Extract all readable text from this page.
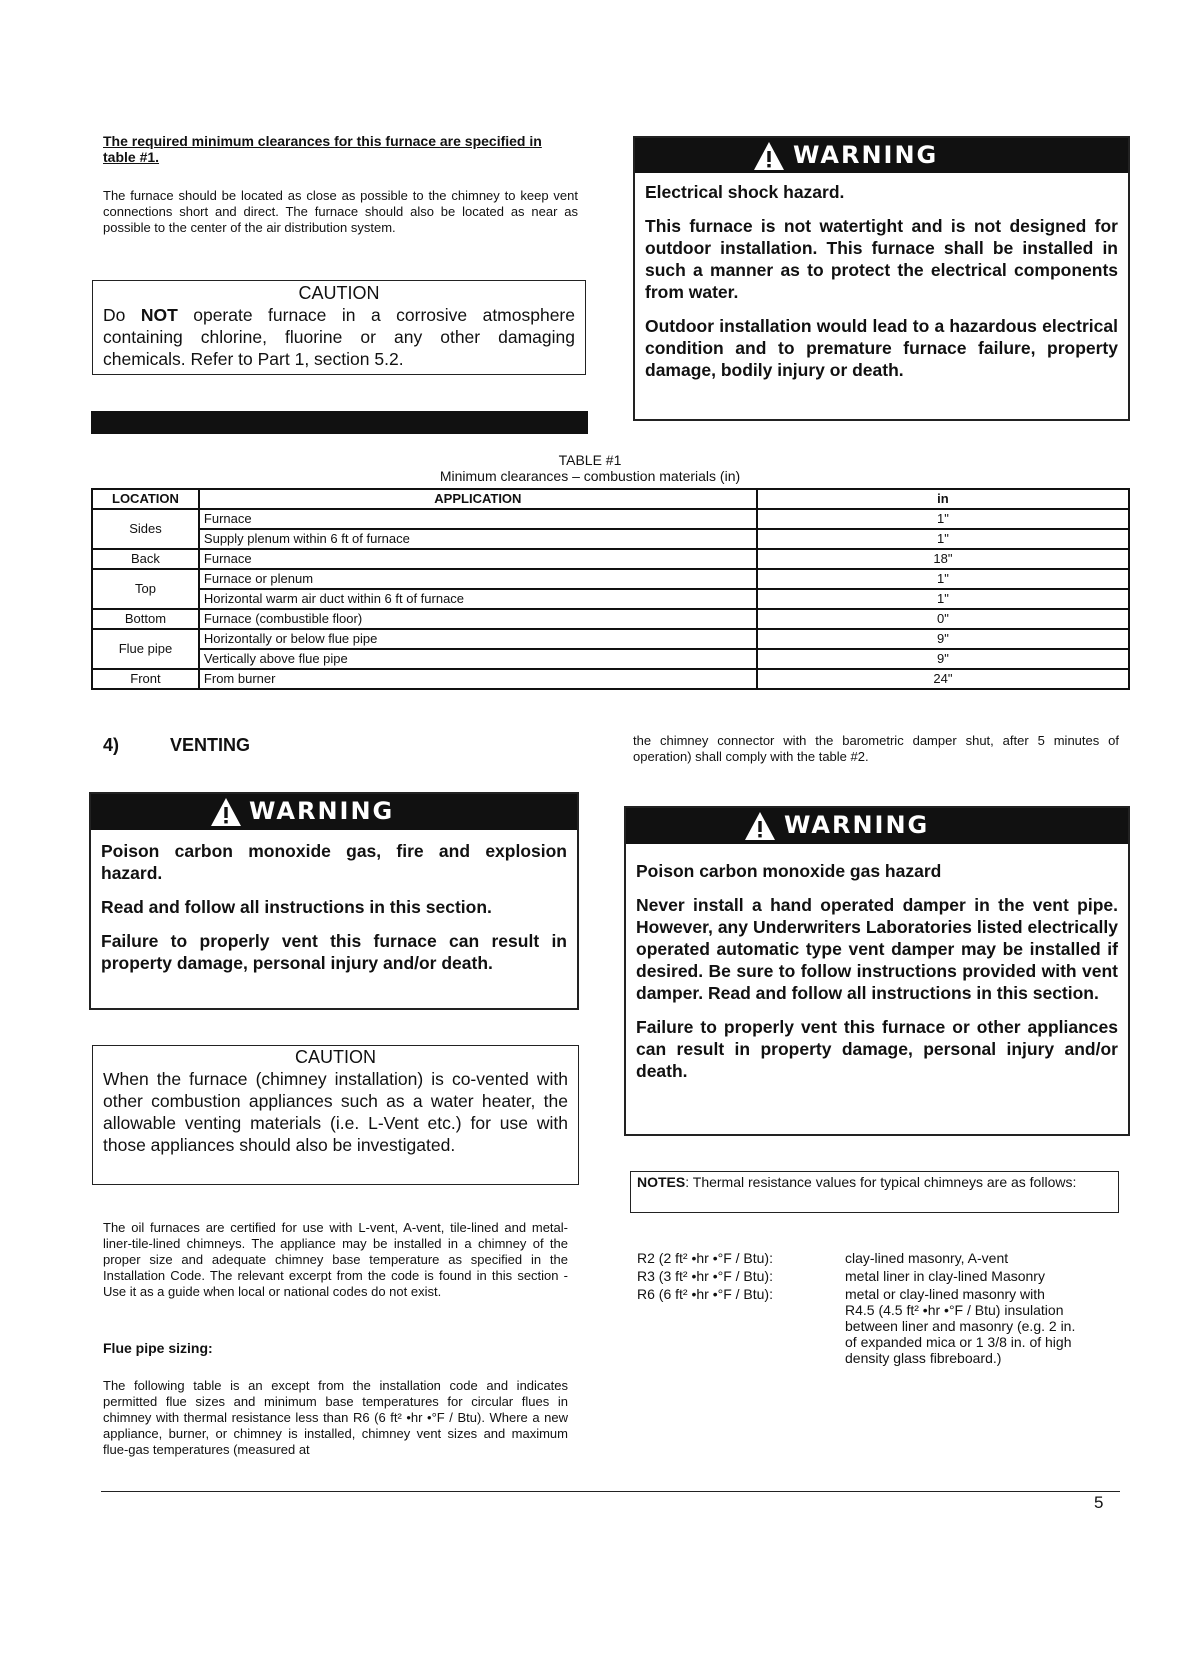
The required minimum clearances for this furnace are specified in table #1.
The furnace should be located as close as possible to the chimney to keep vent connections short and direct. The furnace should also be located as near as possible to the center of the air distribution system.
CAUTION
Do NOT operate furnace in a corrosive atmosphere containing chlorine, fluorine or any other damaging chemicals. Refer to Part 1, section 5.2.
WARNING

Electrical shock hazard.

This furnace is not watertight and is not designed for outdoor installation. This furnace shall be installed in such a manner as to protect the electrical components from water.

Outdoor installation would lead to a hazardous electrical condition and to premature furnace failure, property damage, bodily injury or death.

TABLE #1
Minimum clearances – combustion materials (in)
LOCATION	APPLICATION	in
Sides	Furnace	1"
	Supply plenum within 6 ft of furnace	1"
Back	Furnace	18"
Top	Furnace or plenum	1"
	Horizontal warm air duct within 6 ft of furnace	1"
Bottom	Furnace (combustible floor)	0"
Flue pipe	Horizontally or below flue pipe	9"
	Vertically above flue pipe	9"
Front	From burner	24"
4)	VENTING	the chimney connector with the barometric damper shut, after 5 minutes of operation) shall comply with the table #2.
WARNING

Poison carbon monoxide gas, fire and explosion hazard.

Read and follow all instructions in this section.

Failure to properly vent this furnace can result in property damage, personal injury and/or death.

CAUTION
When the furnace (chimney installation) is co-vented with other combustion appliances such as a water heater, the allowable venting materials (i.e. L-Vent etc.) for use with those appliances should also be investigated.
The oil furnaces are certified for use with L-vent, A-vent, tile-lined and metal-liner-tile-lined chimneys. The appliance may be installed in a chimney of the proper size and adequate chimney base temperature as specified in the Installation Code. The relevant excerpt from the code is found in this section - Use it as a guide when local or national codes do not exist.
Flue pipe sizing:
The following table is an except from the installation code and indicates permitted flue sizes and minimum base temperatures for circular flues in chimney with thermal resistance less than R6 (6 ft² •hr •°F / Btu). Where a new appliance, burner, or chimney is installed, chimney vent sizes and maximum flue-gas temperatures (measured at
WARNING

Poison carbon monoxide gas hazard

Never install a hand operated damper in the vent pipe. However, any Underwriters Laboratories listed electrically operated automatic type vent damper may be installed if desired. Be sure to follow instructions provided with vent damper. Read and follow all instructions in this section.

Failure to properly vent this furnace or other appliances can result in property damage, personal injury and/or death.

NOTES: Thermal resistance values for typical chimneys are as follows:
R2 (2 ft² •hr •°F / Btu):	clay-lined masonry, A-vent
R3 (3 ft² •hr •°F / Btu):	metal liner in clay-lined Masonry
R6 (6 ft² •hr •°F / Btu):	metal or clay-lined masonry with R4.5 (4.5 ft² •hr •°F / Btu) insulation between liner and masonry (e.g. 2 in. of expanded mica or 1 3/8 in. of high density glass fibreboard.)
5
